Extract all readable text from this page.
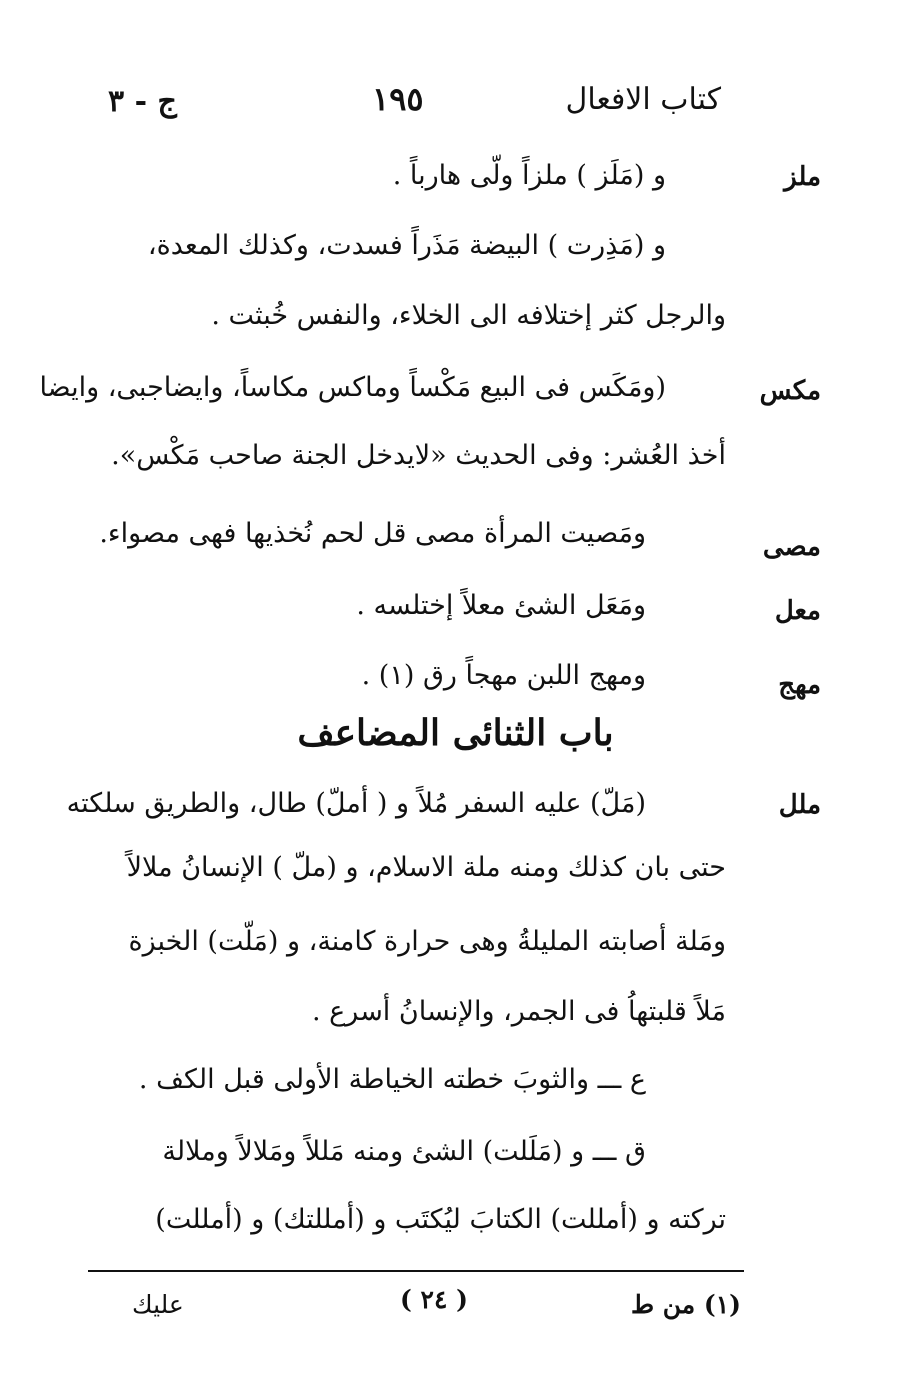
كتاب الافعال
١٩٥
ج - ٣
ملز
و (مَلَز ) ملزاً ولّى هارباً .
و (مَذِرت ) البيضة مَذَراً فسدت، وكذلك المعدة،
والرجل كثر إختلافه الى الخلاء، والنفس خُبثت .
مكس
(ومَكَس فى البيع مَكْساً وماكس مكاساً، وايضاجبى، وايضا
أخذ العُشر: وفى الحديث «لايدخل الجنة صاحب مَكْس».
مصى
ومَصيت المرأة مصى قل لحم نُخذيها فهى مصواء.
معل
ومَعَل الشئ معلاً إختلسه .
مهج
ومهج اللبن مهجاً رق (١) .
باب الثنائى المضاعف
ملل
(مَلّ) عليه السفر مُلاً و ( أملّ) طال، والطريق سلكته
حتى بان كذلك ومنه ملة الاسلام، و (ملّ ) الإنسانُ ملالاً
ومَلة أصابته المليلةُ وهى حرارة كامنة، و (مَلّت) الخبزة
مَلاً قلبتهاُ فى الجمر، والإنسانُ أسرع .
ع ـــ والثوبَ خطته الخياطة الأولى قبل الكف .
ق ـــ و (مَلَلت) الشئ ومنه مَللاً ومَلالاً وملالة
تركته و (أمللت) الكتابَ ليُكتَب و (أمللتك) و (أمللت)
(١) من ط
( ٢٤ )
عليك
